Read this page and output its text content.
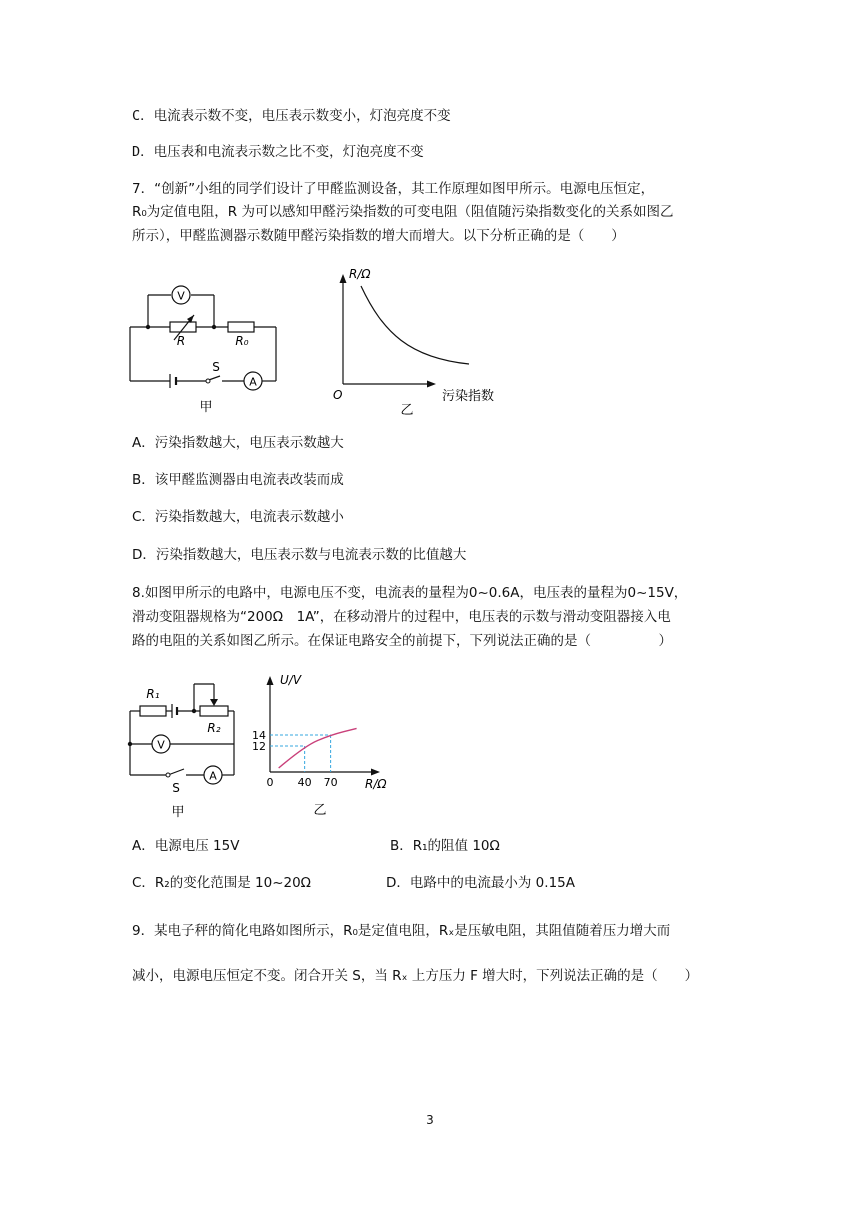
C．电流表示数不变，电压表示数变小，灯泡亮度不变
D．电压表和电流表示数之比不变，灯泡亮度不变
7．“创新”小组的同学们设计了甲醛监测设备，其工作原理如图甲所示。电源电压恒定，
R₀为定值电阻，R 为可以感知甲醛污染指数的可变电阻（阻值随污染指数变化的关系如图乙
所示），甲醛监测器示数随甲醛污染指数的增大而增大。以下分析正确的是（　　）
V
A
R	R₀
S
甲
R/Ω
O	污染指数
乙
A．污染指数越大，电压表示数越大
B．该甲醛监测器由电流表改装而成
C．污染指数越大，电流表示数越小
D．污染指数越大，电压表示数与电流表示数的比值越大
8.如图甲所示的电路中，电源电压不变，电流表的量程为0~0.6A，电压表的量程为0~15V，
滑动变阻器规格为“200Ω　1A”，在移动滑片的过程中，电压表的示数与滑动变阻器接入电
路的电阻的关系如图乙所示。在保证电路安全的前提下，下列说法正确的是（　　　　　）
V
A
R₁
R₂
S
甲
40 70
12
14
U/V
0	R/Ω
乙
A．电源电压 15V	B．R₁的阻值 10Ω
C．R₂的变化范围是 10~20Ω	D．电路中的电流最小为 0.15A
9．某电子秤的简化电路如图所示，R₀是定值电阻，Rₓ是压敏电阻，其阻值随着压力增大而
减小，电源电压恒定不变。闭合开关 S，当 Rₓ 上方压力 F 增大时，下列说法正确的是（　　）
3
